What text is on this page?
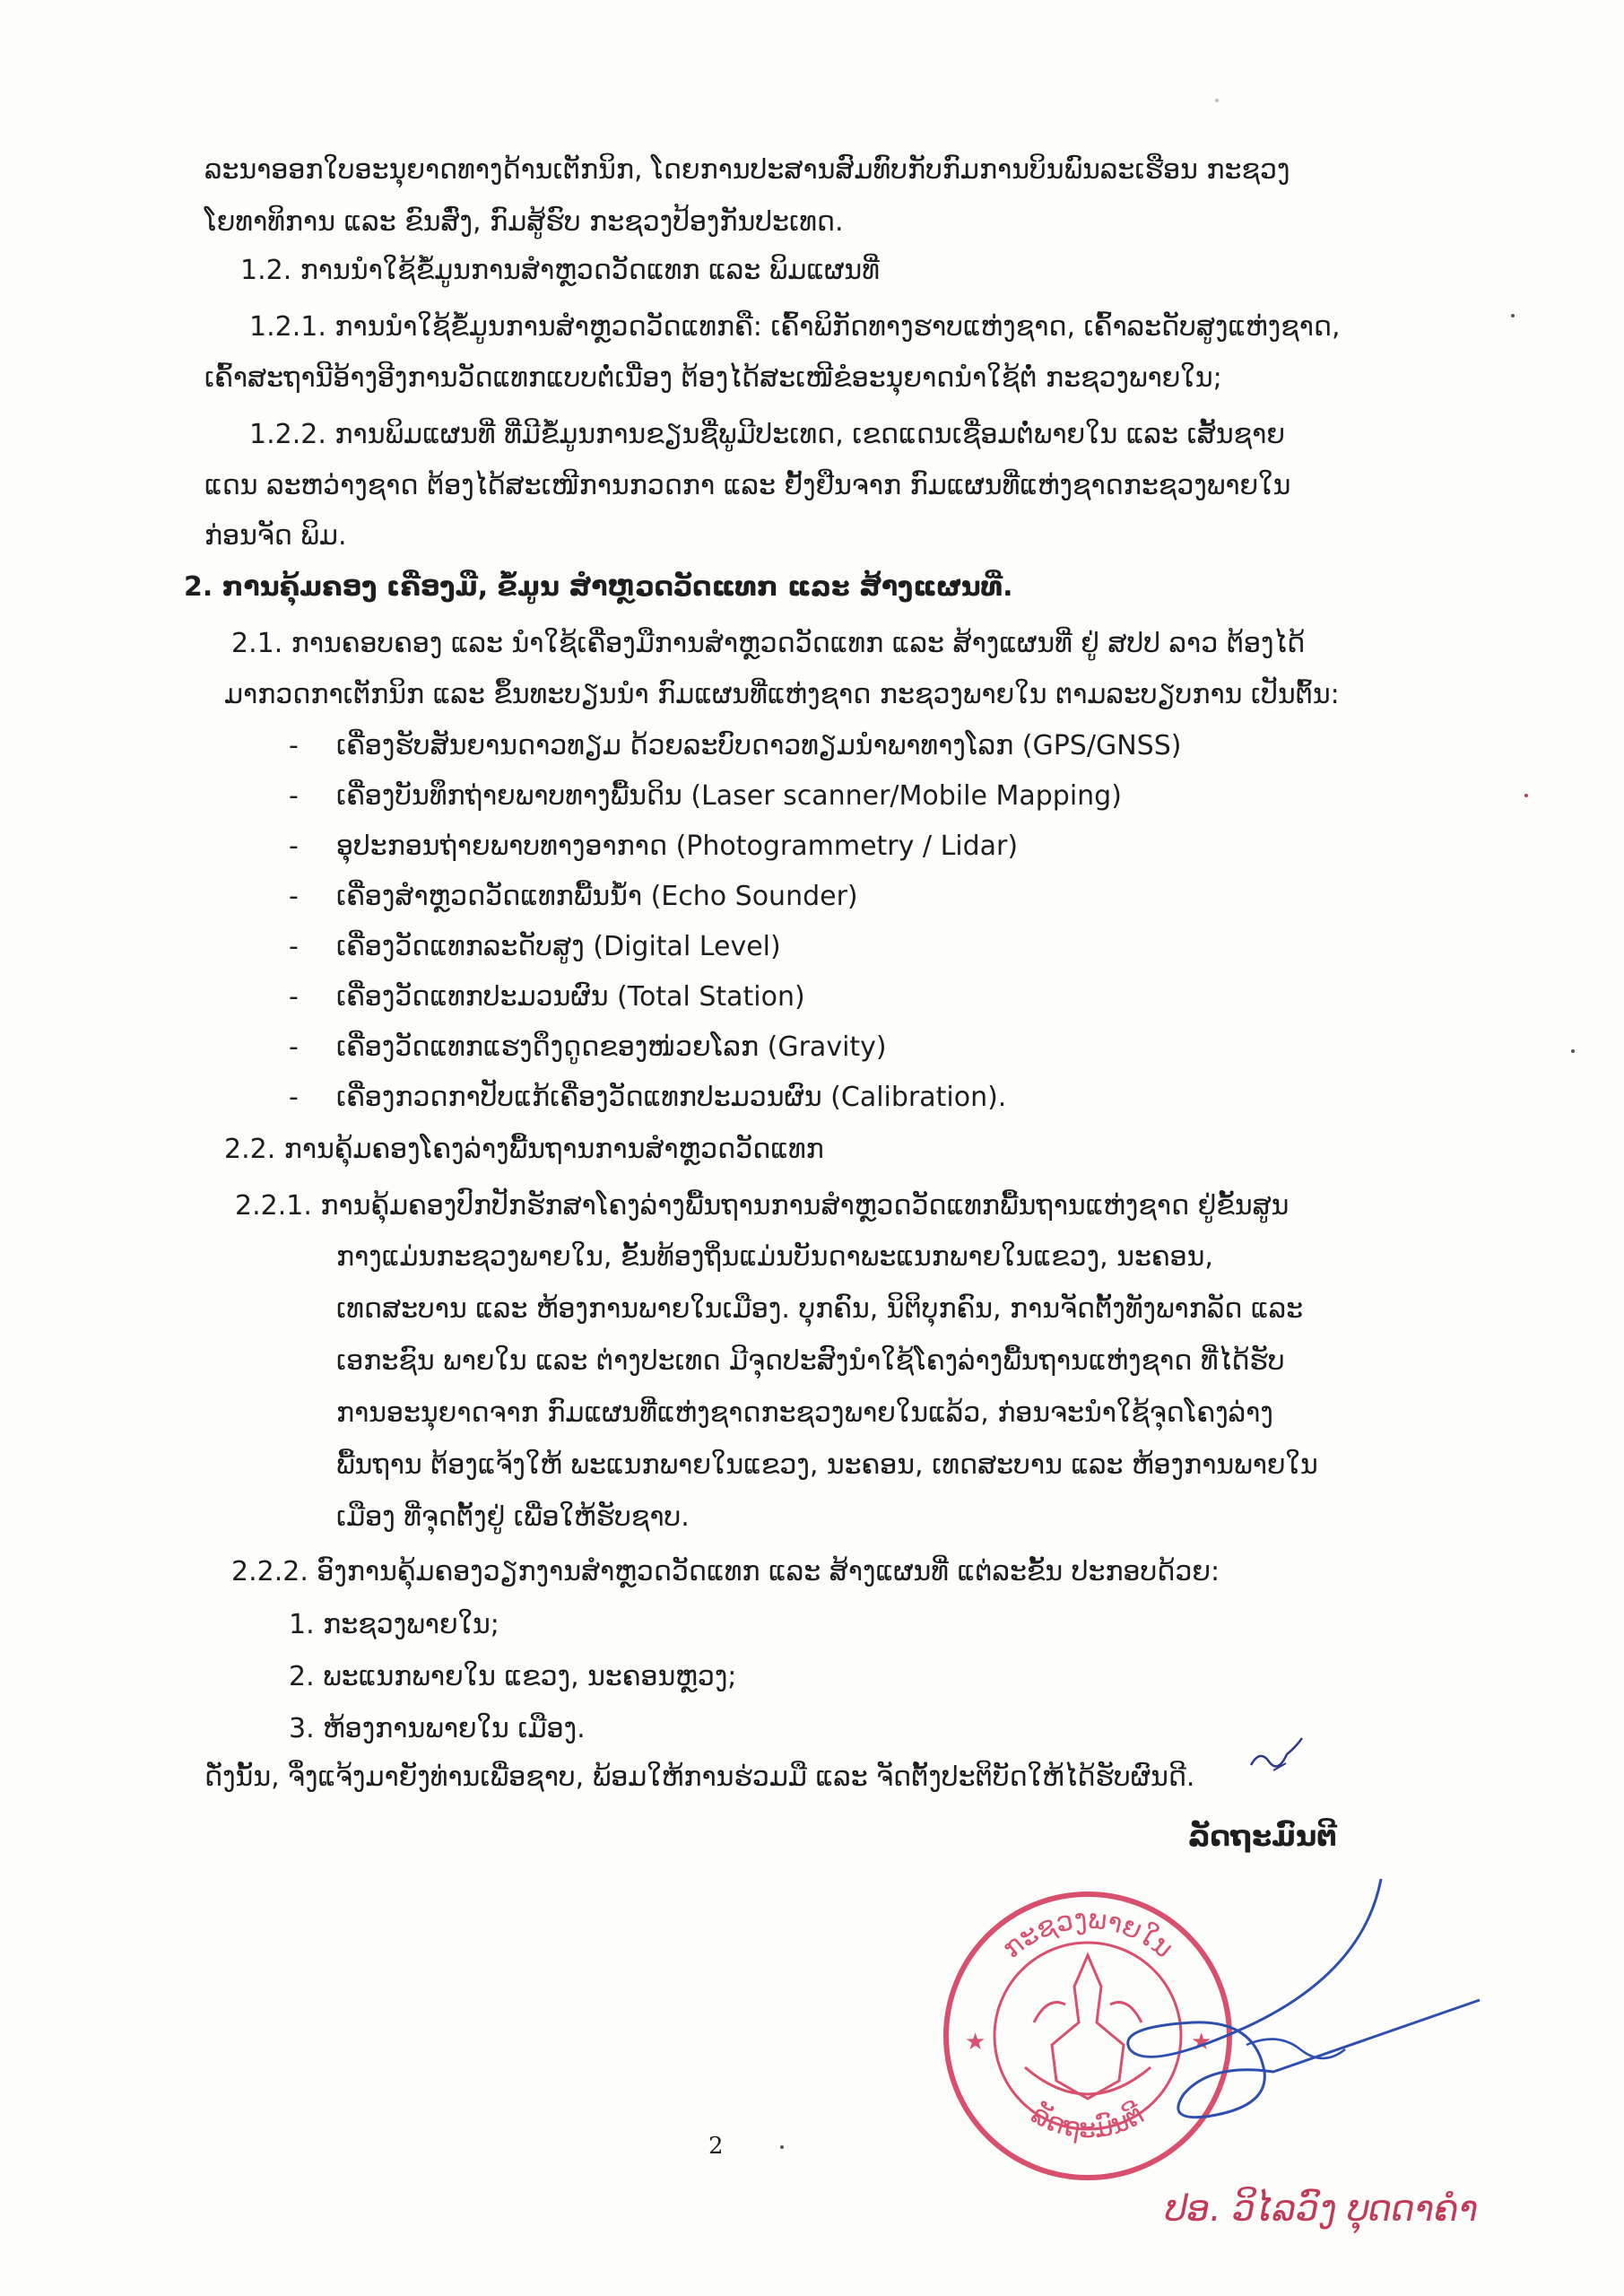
ລະນາອອກໃບອະນຸຍາດທາງດ້ານເຕັກນິກ, ໂດຍການປະສານສົມທົບກັບກົມການບິນພົນລະເຮືອນ ກະຊວງ
ໂຍທາທິການ ແລະ ຂົນສົ່ງ, ກົມສູ້ຮົບ ກະຊວງປ້ອງກັນປະເທດ.
1.2. ການນໍາໃຊ້ຂໍ້ມູນການສໍາຫຼວດວັດແທກ ແລະ ພິມແຜນທີ່
1.2.1. ການນໍາໃຊ້ຂໍ້ມູນການສໍາຫຼວດວັດແທກຄື: ເຄົ້າພິກັດທາງຮາບແຫ່ງຊາດ, ເຄົ້າລະດັບສູງແຫ່ງຊາດ,
ເຄົ້າສະຖານີອ້າງອີງການວັດແທກແບບຕໍ່ເນື່ອງ ຕ້ອງໄດ້ສະເໜີຂໍອະນຸຍາດນໍາໃຊ້ຕໍ່ ກະຊວງພາຍໃນ;
1.2.2. ການພິມແຜນທີ່ ທີ່ມີຂໍ້ມູນການຂຽນຊື່ພູມີປະເທດ, ເຂດແດນເຊື່ອມຕໍ່ພາຍໃນ ແລະ ເສັ້ນຊາຍ
ແດນ ລະຫວ່າງຊາດ ຕ້ອງໄດ້ສະເໜີການກວດກາ ແລະ ຢັ້ງຢືນຈາກ ກົມແຜນທີ່ແຫ່ງຊາດກະຊວງພາຍໃນ
ກ່ອນຈັດ ພິມ.
2. ການຄຸ້ມຄອງ ເຄື່ອງມື, ຂໍ້ມູນ ສໍາຫຼວດວັດແທກ ແລະ ສ້າງແຜນທີ່.
2.1. ການຄອບຄອງ ແລະ ນໍາໃຊ້ເຄື່ອງມືການສໍາຫຼວດວັດແທກ ແລະ ສ້າງແຜນທີ່ ຢູ່ ສປປ ລາວ ຕ້ອງໄດ້
ມາກວດກາເຕັກນິກ ແລະ ຂຶ້ນທະບຽນນໍາ ກົມແຜນທີ່ແຫ່ງຊາດ ກະຊວງພາຍໃນ ຕາມລະບຽບການ ເປັນຕົ້ນ:
- ເຄື່ອງຮັບສັນຍານດາວທຽມ ດ້ວຍລະບົບດາວທຽມນໍາພາທາງໂລກ (GPS/GNSS)
- ເຄື່ອງບັນທຶກຖ່າຍພາບທາງພື້ນດິນ (Laser scanner/Mobile Mapping)
- ອຸປະກອນຖ່າຍພາບທາງອາກາດ (Photogrammetry / Lidar)
- ເຄື່ອງສໍາຫຼວດວັດແທກພື້ນນໍ້າ (Echo Sounder)
- ເຄື່ອງວັດແທກລະດັບສູງ (Digital Level)
- ເຄື່ອງວັດແທກປະມວນຜົນ (Total Station)
- ເຄື່ອງວັດແທກແຮງດຶງດູດຂອງໜ່ວຍໂລກ (Gravity)
- ເຄື່ອງກວດກາປັບແກ້ເຄື່ອງວັດແທກປະມວນຜົນ (Calibration).
2.2. ການຄຸ້ມຄອງໂຄງລ່າງພື້ນຖານການສໍາຫຼວດວັດແທກ
2.2.1. ການຄຸ້ມຄອງປົກປັກຮັກສາໂຄງລ່າງພື້ນຖານການສໍາຫຼວດວັດແທກພື້ນຖານແຫ່ງຊາດ ຢູ່ຂັ້ນສູນ
ກາງແມ່ນກະຊວງພາຍໃນ, ຂັ້ນທ້ອງຖິ່ນແມ່ນບັນດາພະແນກພາຍໃນແຂວງ, ນະຄອນ,
ເທດສະບານ ແລະ ຫ້ອງການພາຍໃນເມືອງ. ບຸກຄົນ, ນິຕິບຸກຄົນ, ການຈັດຕັ້ງທັງພາກລັດ ແລະ
ເອກະຊົນ ພາຍໃນ ແລະ ຕ່າງປະເທດ ມີຈຸດປະສົງນໍາໃຊ້ໂຄງລ່າງພື້ນຖານແຫ່ງຊາດ ທີ່ໄດ້ຮັບ
ການອະນຸຍາດຈາກ ກົມແຜນທີ່ແຫ່ງຊາດກະຊວງພາຍໃນແລ້ວ, ກ່ອນຈະນໍາໃຊ້ຈຸດໂຄງລ່າງ
ພື້ນຖານ ຕ້ອງແຈ້ງໃຫ້ ພະແນກພາຍໃນແຂວງ, ນະຄອນ, ເທດສະບານ ແລະ ຫ້ອງການພາຍໃນ
ເມືອງ ທີ່ຈຸດຕັ້ງຢູ່ ເພື່ອໃຫ້ຮັບຊາບ.
2.2.2. ອົງການຄຸ້ມຄອງວຽກງານສໍາຫຼວດວັດແທກ ແລະ ສ້າງແຜນທີ່ ແຕ່ລະຂັ້ນ ປະກອບດ້ວຍ:
1. ກະຊວງພາຍໃນ;
2. ພະແນກພາຍໃນ ແຂວງ, ນະຄອນຫຼວງ;
3. ຫ້ອງການພາຍໃນ ເມືອງ.
ດັ່ງນັ້ນ, ຈຶ່ງແຈ້ງມາຍັງທ່ານເພື່ອຊາບ, ພ້ອມໃຫ້ການຮ່ວມມື ແລະ ຈັດຕັ້ງປະຕິບັດໃຫ້ໄດ້ຮັບຜົນດີ.
ລັດຖະມົນຕີ
★	★
ກະຊວງພາຍໃນ
ລັດຖະມົນຕີ
ປອ. ວິໄລວົງ ບຸດດາຄໍາ
2
